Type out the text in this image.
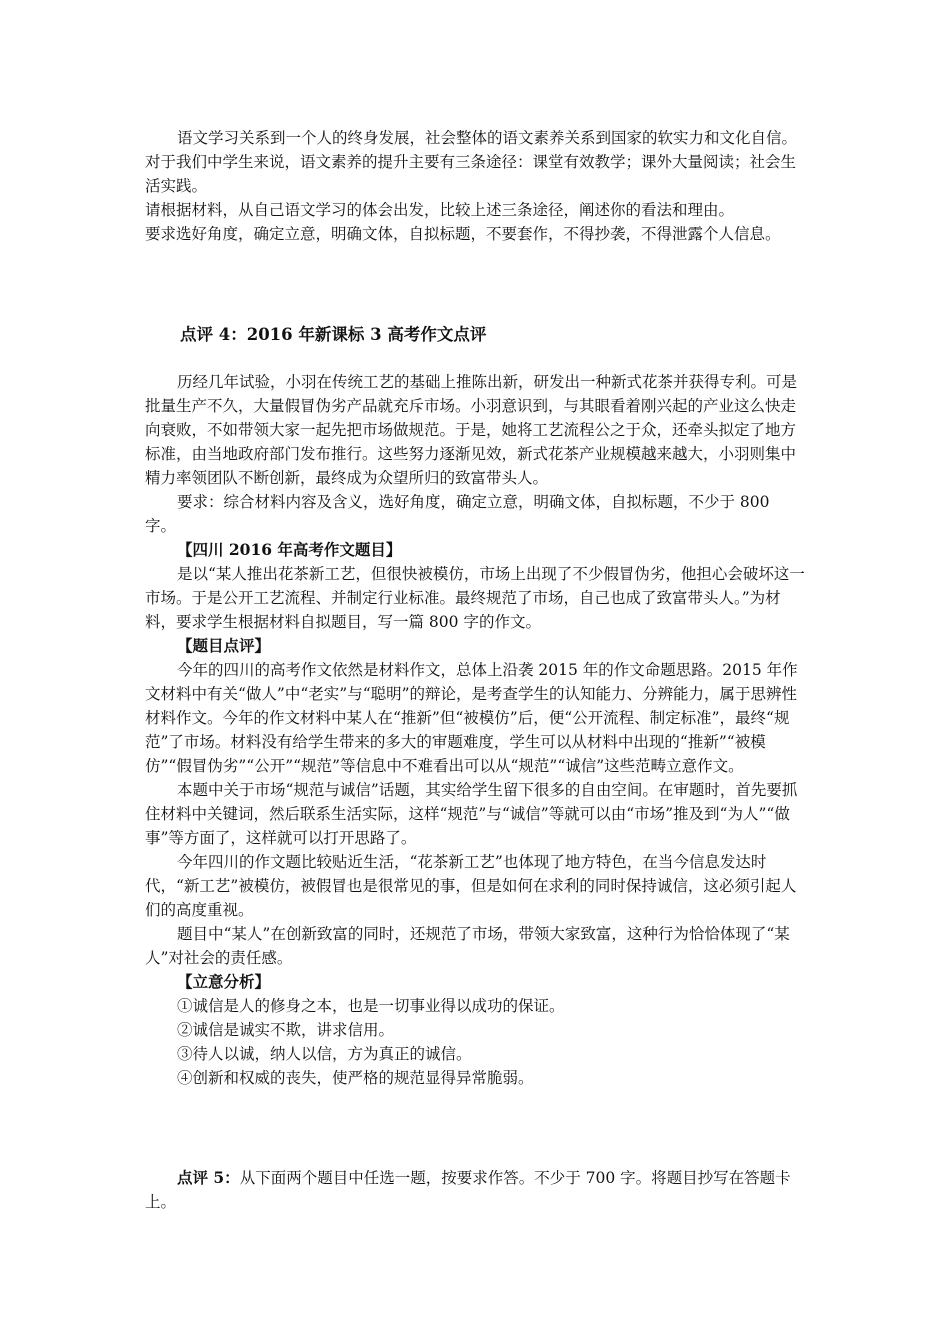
语文学习关系到一个人的终身发展，社会整体的语文素养关系到国家的软实力和文化自信。对于我们中学生来说，语文素养的提升主要有三条途径：课堂有效教学；课外大量阅读；社会生活实践。

请根据材料，从自己语文学习的体会出发，比较上述三条途径，阐述你的看法和理由。

要求选好角度，确定立意，明确文体，自拟标题，不要套作，不得抄袭，不得泄露个人信息。

点评 4：2016 年新课标 3 高考作文点评

历经几年试验，小羽在传统工艺的基础上推陈出新，研发出一种新式花茶并获得专利。可是批量生产不久，大量假冒伪劣产品就充斥市场。小羽意识到，与其眼看着刚兴起的产业这么快走向衰败，不如带领大家一起先把市场做规范。于是，她将工艺流程公之于众，还牵头拟定了地方标准，由当地政府部门发布推行。这些努力逐渐见效，新式花茶产业规模越来越大，小羽则集中精力率领团队不断创新，最终成为众望所归的致富带头人。

要求：综合材料内容及含义，选好角度，确定立意，明确文体，自拟标题，不少于 800 字。

【四川 2016 年高考作文题目】

是以“某人推出花茶新工艺，但很快被模仿，市场上出现了不少假冒伪劣，他担心会破坏这一市场。于是公开工艺流程、并制定行业标准。最终规范了市场，自己也成了致富带头人。”为材料，要求学生根据材料自拟题目，写一篇 800 字的作文。

【题目点评】

今年的四川的高考作文依然是材料作文，总体上沿袭 2015 年的作文命题思路。2015 年作文材料中有关“做人”中“老实”与“聪明”的辩论，是考查学生的认知能力、分辨能力，属于思辨性材料作文。今年的作文材料中某人在“推新”但“被模仿”后，便“公开流程、制定标准”，最终“规范”了市场。材料没有给学生带来的多大的审题难度，学生可以从材料中出现的“推新”“被模仿”“假冒伪劣”“公开”“规范”等信息中不难看出可以从“规范”“诚信”这些范畴立意作文。

本题中关于市场“规范与诚信”话题，其实给学生留下很多的自由空间。在审题时，首先要抓住材料中关键词，然后联系生活实际，这样“规范”与“诚信”等就可以由“市场”推及到“为人”“做事”等方面了，这样就可以打开思路了。

今年四川的作文题比较贴近生活，“花茶新工艺”也体现了地方特色，在当今信息发达时代，“新工艺”被模仿，被假冒也是很常见的事，但是如何在求利的同时保持诚信，这必须引起人们的高度重视。

题目中“某人”在创新致富的同时，还规范了市场，带领大家致富，这种行为恰恰体现了“某人”对社会的责任感。

【立意分析】

①诚信是人的修身之本，也是一切事业得以成功的保证。

②诚信是诚实不欺，讲求信用。

③待人以诚，纳人以信，方为真正的诚信。

④创新和权威的丧失，使严格的规范显得异常脆弱。

点评 5：从下面两个题目中任选一题，按要求作答。不少于 700 字。将题目抄写在答题卡上。
